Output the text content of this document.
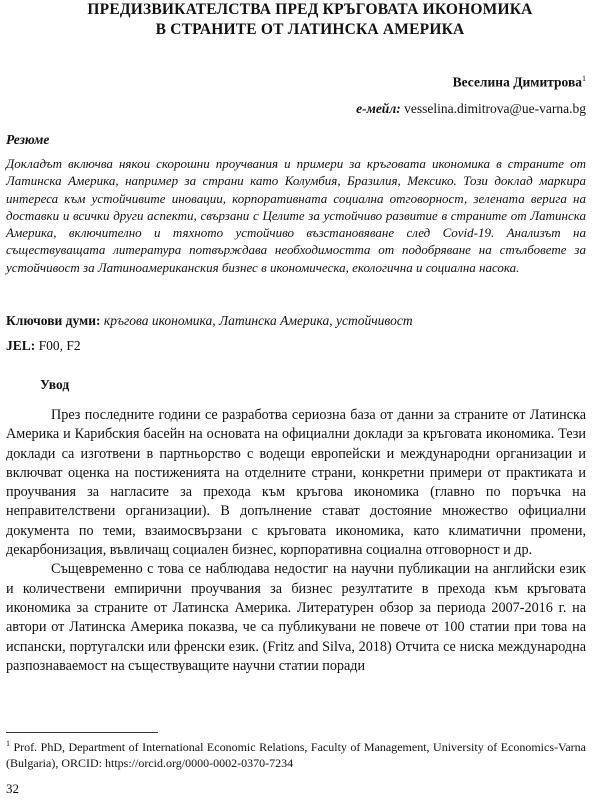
ПРЕДИЗВИКАТЕЛСТВА ПРЕД КРЪГОВАТА ИКОНОМИКА
В СТРАНИТЕ ОТ ЛАТИНСКА АМЕРИКА
Веселина Димитрова$^1$
е-мейл: vesselina.dimitrova@ue-varna.bg
Резюме
Докладът включва някои скорошни проучвания и примери за кръговата икономика в страните от Латинска Америка, например за страни като Колумбия, Бразилия, Мексико. Този доклад маркира интереса към устойчивите иновации, корпоративната социална отговорност, зелената верига на доставки и всички други аспекти, свързани с Целите за устойчиво развитие в страните от Латинска Америка, включително и тяхното устойчиво възстановяване след Covid-19. Анализът на съществуващата литература потвърждава необходимостта от подобряване на стълбовете за устойчивост за Латиноамериканския бизнес в икономическа, екологична и социална насока.
Ключови думи: кръгова икономика, Латинска Америка, устойчивост
JEL: F00, F2
Увод

През последните години се разработва сериозна база от данни за страните от Латинска Америка и Карибския басейн на основата на официални доклади за кръговата икономика. Тези доклади са изготвени в партньорство с водещи европейски и международни организации и включват оценка на постиженията на отделните страни, конкретни примери от практиката и проучвания за нагласите за прехода към кръгова икономика (главно по поръчка на неправителствени организации). В допълнение стават достояние множество официални документа по теми, взаимосвързани с кръговата икономика, като климатични промени, декарбонизация, въвличащ социален бизнес, корпоративна социална отговорност и др.

Същевременно с това се наблюдава недостиг на научни публикации на английски език и количествени емпирични проучвания за бизнес резултатите в прехода към кръговата икономика за страните от Латинска Америка. Литературен обзор за периода 2007-2016 г. на автори от Латинска Америка показва, че са публикувани не повече от 100 статии при това на испански, португалски или френски език. (Fritz and Silva, 2018) Отчита се ниска международна разпознаваемост на съществуващите научни статии поради

$^1$ Prof. PhD, Department of International Economic Relations, Faculty of Management, University of Economics-Varna (Bulgaria), ORCID: https://orcid.org/0000-0002-0370-7234
32
